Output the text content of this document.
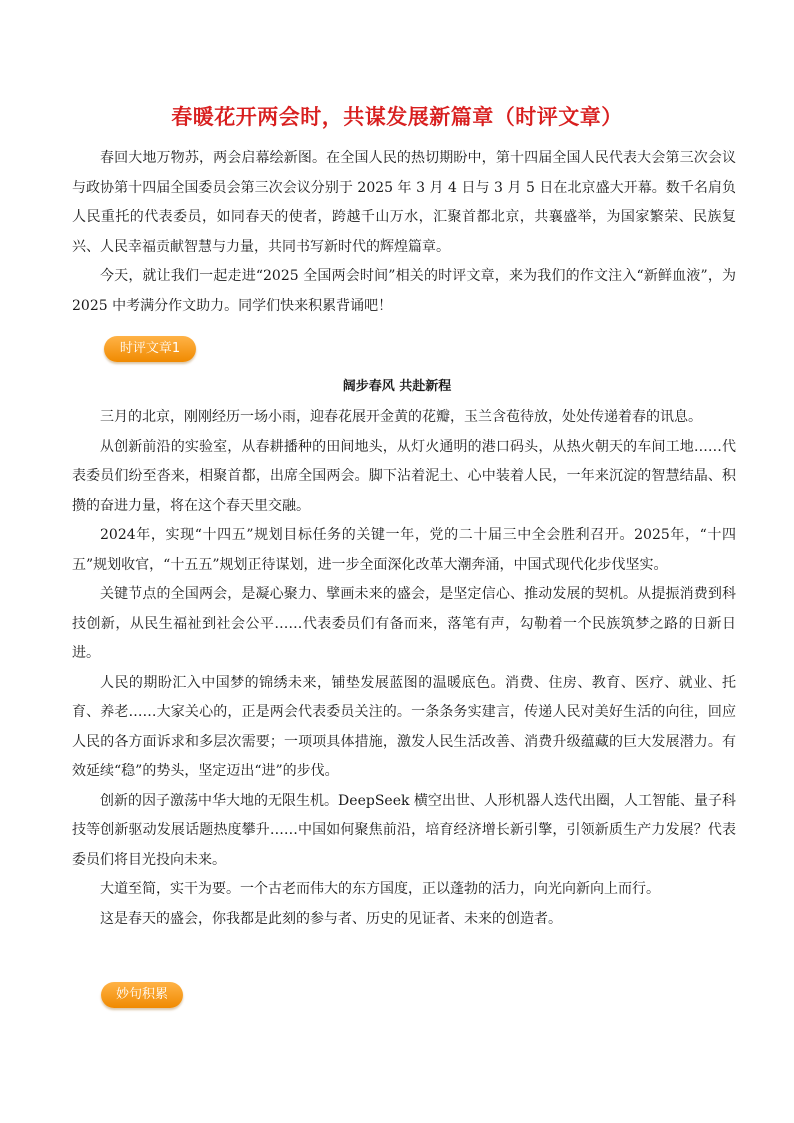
春暖花开两会时，共谋发展新篇章（时评文章）

春回大地万物苏，两会启幕绘新图。在全国人民的热切期盼中，第十四届全国人民代表大会第三次会议与政协第十四届全国委员会第三次会议分别于 2025 年 3 月 4 日与 3 月 5 日在北京盛大开幕。数千名肩负人民重托的代表委员，如同春天的使者，跨越千山万水，汇聚首都北京，共襄盛举，为国家繁荣、民族复兴、人民幸福贡献智慧与力量，共同书写新时代的辉煌篇章。

今天，就让我们一起走进“2025 全国两会时间”相关的时评文章，来为我们的作文注入“新鲜血液”，为 2025 中考满分作文助力。同学们快来积累背诵吧！

时评文章1
阔步春风 共赴新程

三月的北京，刚刚经历一场小雨，迎春花展开金黄的花瓣，玉兰含苞待放，处处传递着春的讯息。

从创新前沿的实验室，从春耕播种的田间地头，从灯火通明的港口码头，从热火朝天的车间工地……代表委员们纷至沓来，相聚首都，出席全国两会。脚下沾着泥土、心中装着人民，一年来沉淀的智慧结晶、积攒的奋进力量，将在这个春天里交融。

2024年，实现“十四五”规划目标任务的关键一年，党的二十届三中全会胜利召开。2025年，“十四五”规划收官，“十五五”规划正待谋划，进一步全面深化改革大潮奔涌，中国式现代化步伐坚实。

关键节点的全国两会，是凝心聚力、擘画未来的盛会，是坚定信心、推动发展的契机。从提振消费到科技创新，从民生福祉到社会公平……代表委员们有备而来，落笔有声，勾勒着一个民族筑梦之路的日新日进。

人民的期盼汇入中国梦的锦绣未来，铺垫发展蓝图的温暖底色。消费、住房、教育、医疗、就业、托育、养老……大家关心的，正是两会代表委员关注的。一条条务实建言，传递人民对美好生活的向往，回应人民的各方面诉求和多层次需要；一项项具体措施，激发人民生活改善、消费升级蕴藏的巨大发展潜力。有效延续“稳”的势头，坚定迈出“进”的步伐。

创新的因子激荡中华大地的无限生机。DeepSeek 横空出世、人形机器人迭代出圈，人工智能、量子科技等创新驱动发展话题热度攀升……中国如何聚焦前沿，培育经济增长新引擎，引领新质生产力发展？代表委员们将目光投向未来。

大道至简，实干为要。一个古老而伟大的东方国度，正以蓬勃的活力，向光向新向上而行。

这是春天的盛会，你我都是此刻的参与者、历史的见证者、未来的创造者。

妙句积累
